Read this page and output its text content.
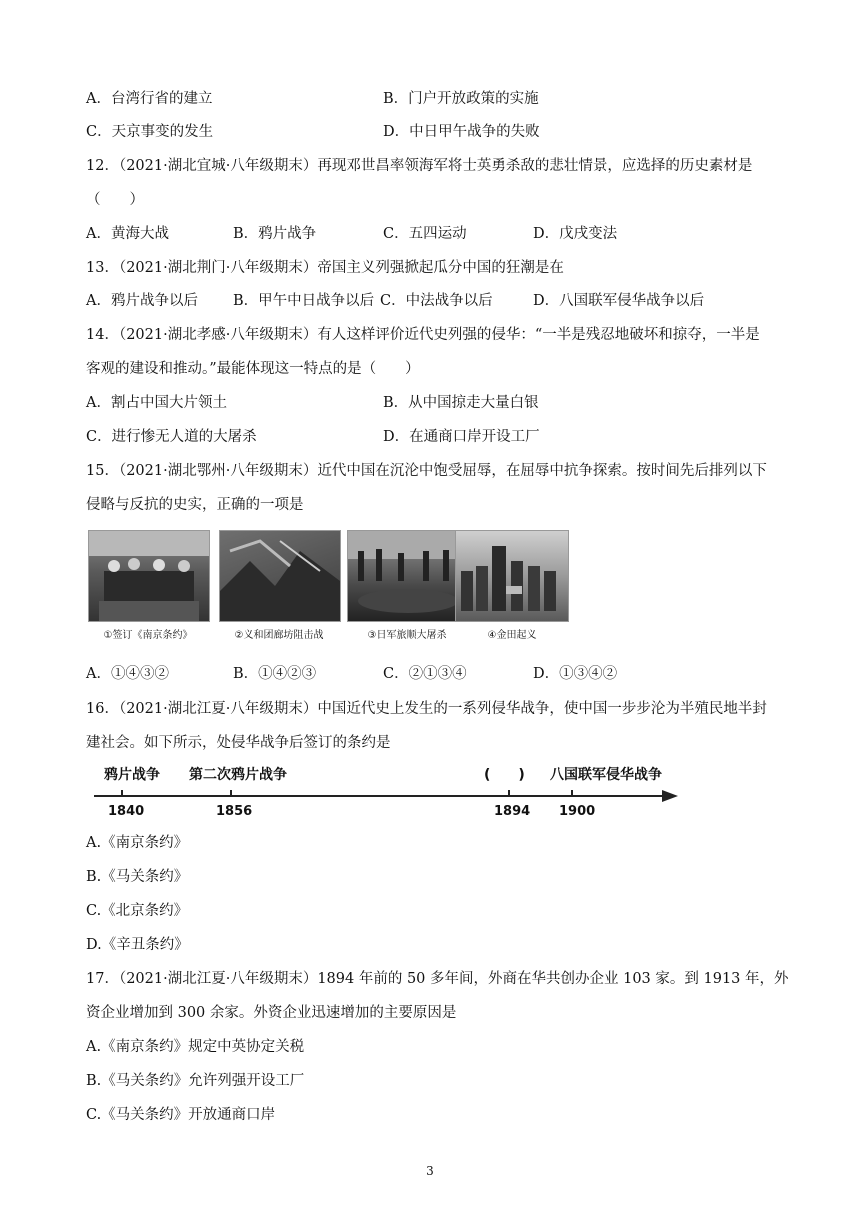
A．台湾行省的建立	B．门户开放政策的实施
C．天京事变的发生	D．中日甲午战争的失败
12．（2021·湖北宜城·八年级期末）再现邓世昌率领海军将士英勇杀敌的悲壮情景，应选择的历史素材是
（　　）
A．黄海大战	B．鸦片战争	C．五四运动	D．戊戌变法
13．（2021·湖北荆门·八年级期末）帝国主义列强掀起瓜分中国的狂潮是在
A．鸦片战争以后 B．甲午中日战争以后 C．中法战争以后	D．八国联军侵华战争以后
14．（2021·湖北孝感·八年级期末）有人这样评价近代史列强的侵华：“一半是残忍地破坏和掠夺，一半是
客观的建设和推动。”最能体现这一特点的是（　　）
A．割占中国大片领土	B．从中国掠走大量白银
C．进行惨无人道的大屠杀	D．在通商口岸开设工厂
15．（2021·湖北鄂州·八年级期末）近代中国在沉沦中饱受屈辱，在屈辱中抗争探索。按时间先后排列以下
侵略与反抗的史实，正确的一项是
①签订《南京条约》	②义和团廊坊阻击战	③日军旅顺大屠杀	④金田起义
A．①④③②	B．①④②③	C．②①③④	D．①③④②
16．（2021·湖北江夏·八年级期末）中国近代史上发生的一系列侵华战争，使中国一步步沦为半殖民地半封
建社会。如下所示，处侵华战争后签订的条约是
鸦片战争 第二次鸦片战争	(　　) 八国联军侵华战争
1840	1856	1894 1900
A.《南京条约》
B.《马关条约》
C.《北京条约》
D.《辛丑条约》
17．（2021·湖北江夏·八年级期末）1894 年前的 50 多年间，外商在华共创办企业 103 家。到 1913 年，外
资企业增加到 300 余家。外资企业迅速增加的主要原因是
A.《南京条约》规定中英协定关税
B.《马关条约》允许列强开设工厂
C.《马关条约》开放通商口岸
3
